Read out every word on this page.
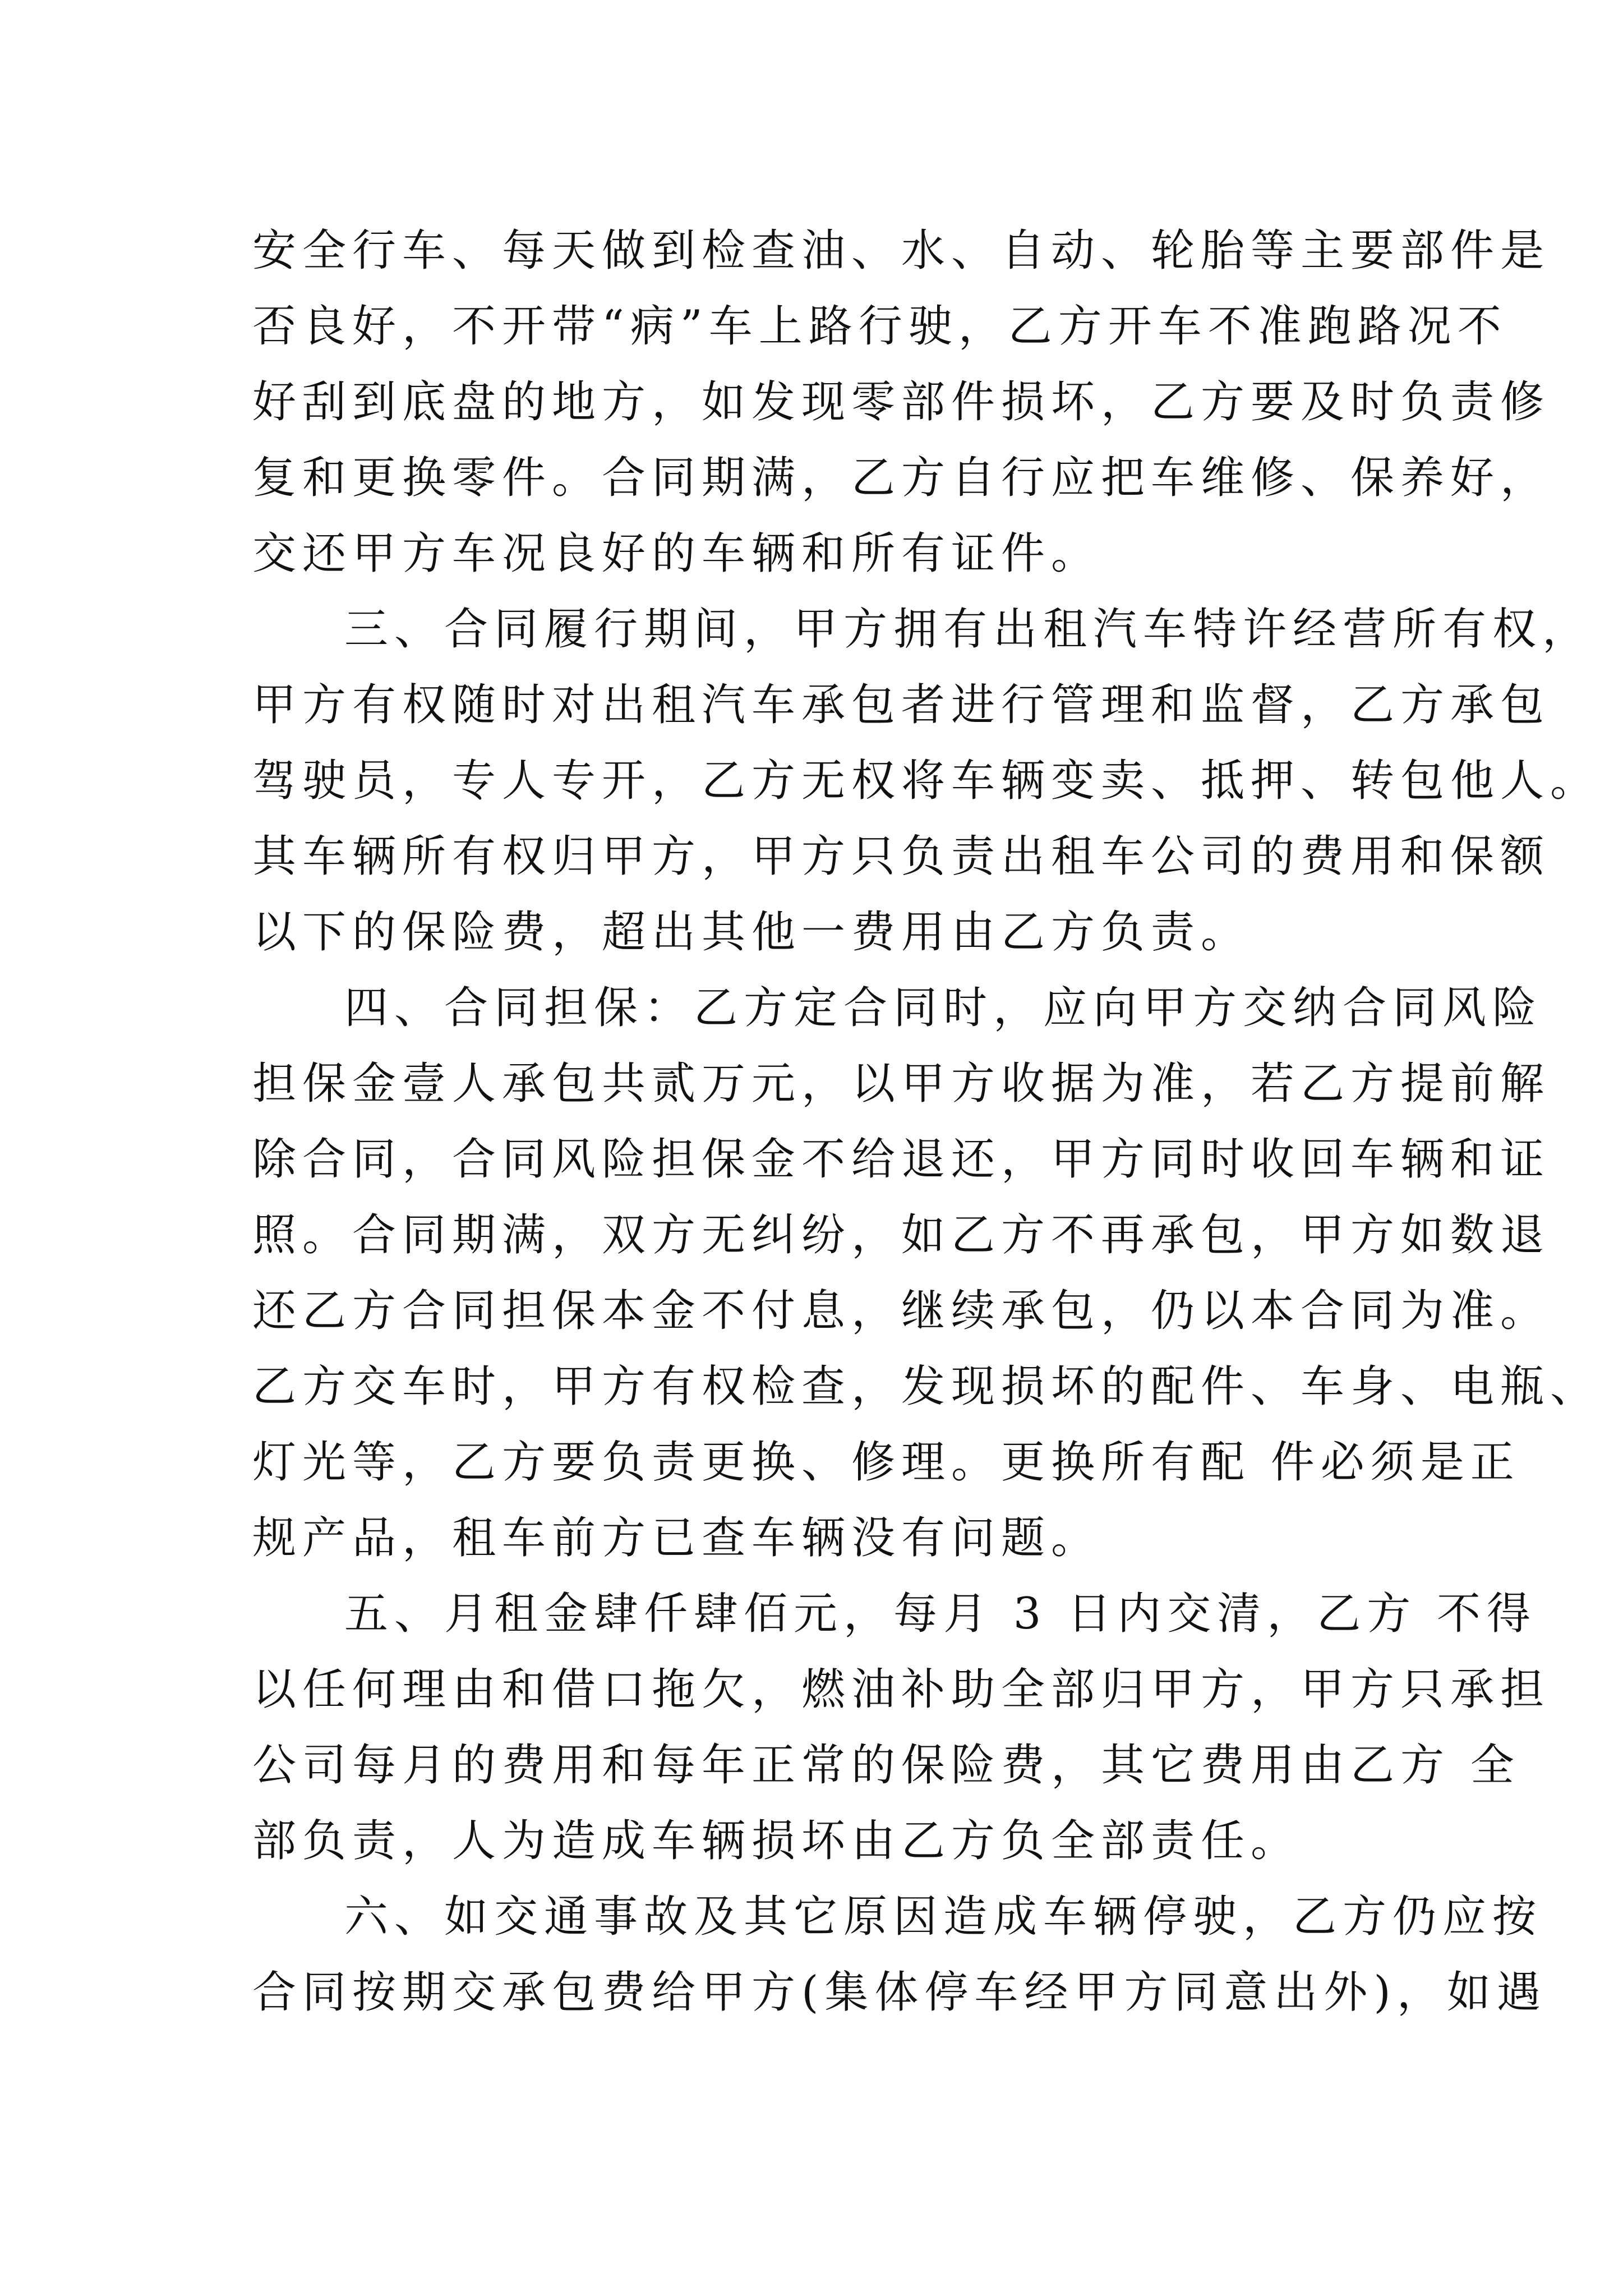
安全行车、每天做到检查油、水、自动、轮胎等主要部件是
否良好，不开带“病”车上路行驶，乙方开车不准跑路况不
好刮到底盘的地方，如发现零部件损坏，乙方要及时负责修
复和更换零件。合同期满，乙方自行应把车维修、保养好，
交还甲方车况良好的车辆和所有证件。
三、合同履行期间，甲方拥有出租汽车特许经营所有权，
甲方有权随时对出租汽车承包者进行管理和监督，乙方承包
驾驶员，专人专开，乙方无权将车辆变卖、抵押、转包他人。
其车辆所有权归甲方，甲方只负责出租车公司的费用和保额
以下的保险费，超出其他一费用由乙方负责。
四、合同担保：乙方定合同时，应向甲方交纳合同风险
担保金壹人承包共贰万元，以甲方收据为准，若乙方提前解
除合同，合同风险担保金不给退还，甲方同时收回车辆和证
照。合同期满，双方无纠纷，如乙方不再承包，甲方如数退
还乙方合同担保本金不付息，继续承包，仍以本合同为准。
乙方交车时，甲方有权检查，发现损坏的配件、车身、电瓶、
灯光等，乙方要负责更换、修理。更换所有配 件必须是正
规产品，租车前方已查车辆没有问题。
五、月租金肆仟肆佰元，每月 3 日内交清，乙方 不得
以任何理由和借口拖欠，燃油补助全部归甲方，甲方只承担
公司每月的费用和每年正常的保险费，其它费用由乙方 全
部负责，人为造成车辆损坏由乙方负全部责任。
六、如交通事故及其它原因造成车辆停驶，乙方仍应按
合同按期交承包费给甲方(集体停车经甲方同意出外)，如遇
